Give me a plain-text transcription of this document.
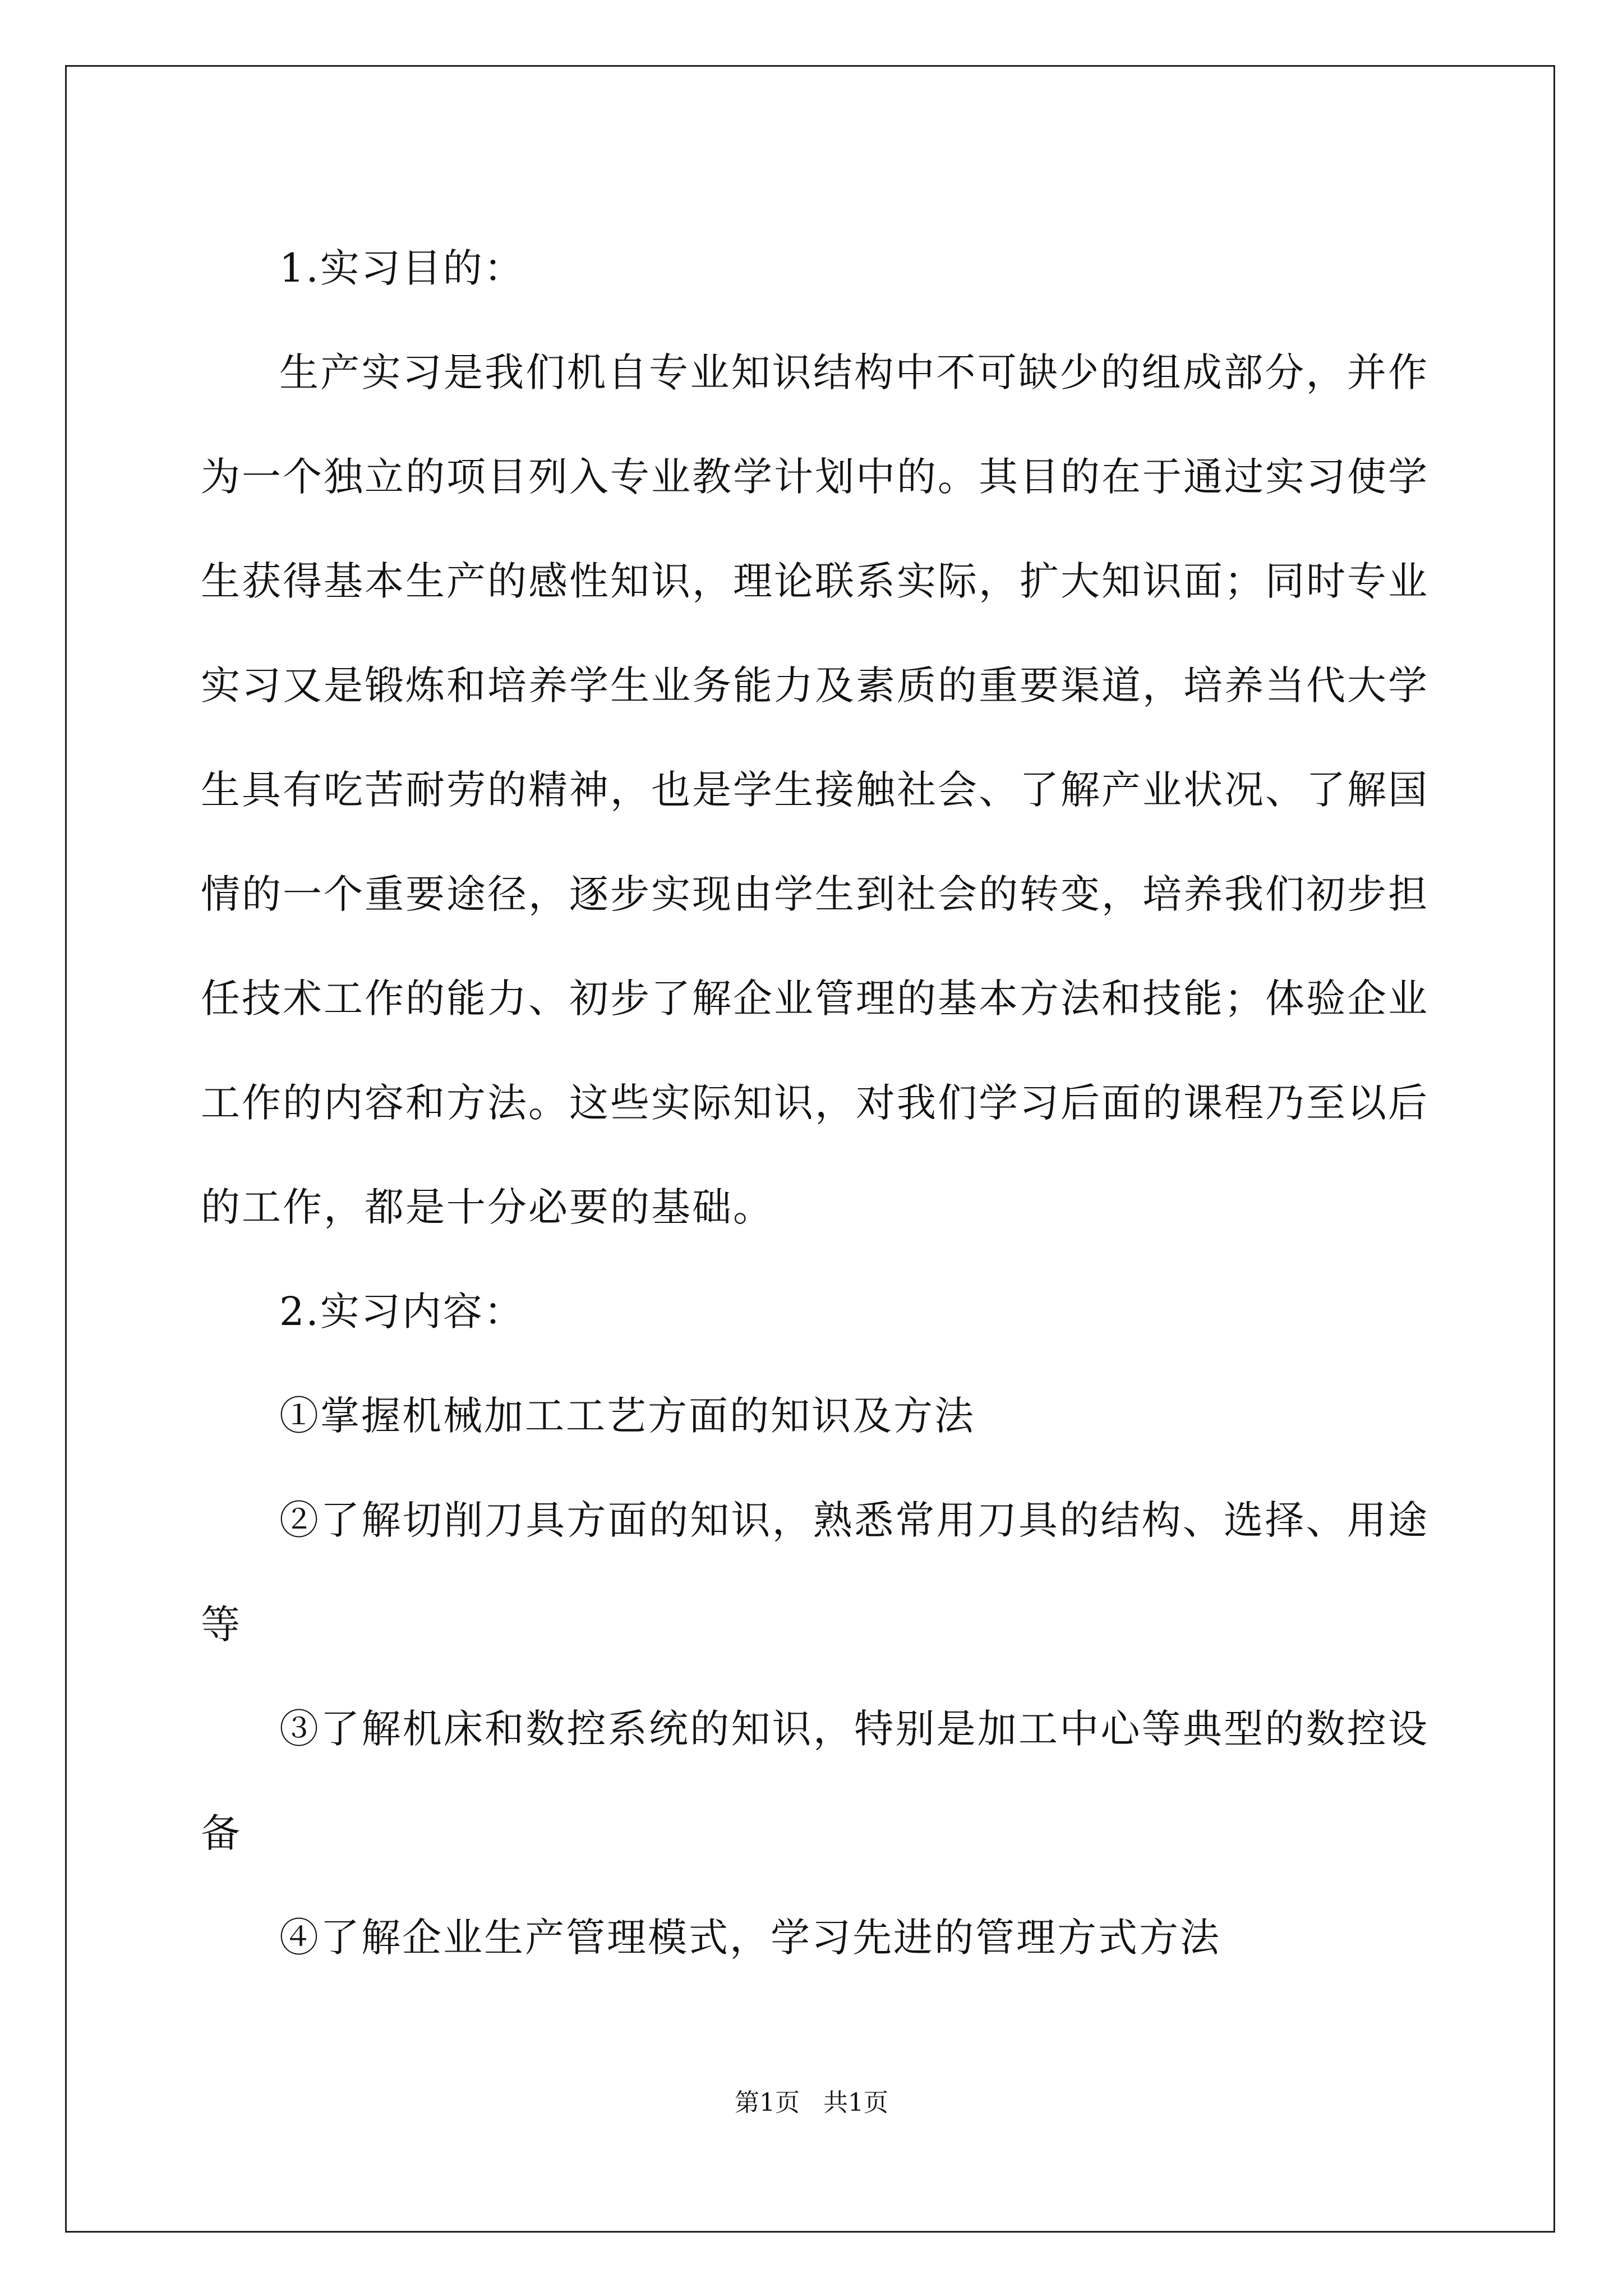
1.实习目的：

生产实习是我们机自专业知识结构中不可缺少的组成部分，并作为一个独立的项目列入专业教学计划中的。其目的在于通过实习使学生获得基本生产的感性知识，理论联系实际，扩大知识面；同时专业实习又是锻炼和培养学生业务能力及素质的重要渠道，培养当代大学生具有吃苦耐劳的精神，也是学生接触社会、了解产业状况、了解国情的一个重要途径，逐步实现由学生到社会的转变，培养我们初步担任技术工作的能力、初步了解企业管理的基本方法和技能；体验企业工作的内容和方法。这些实际知识，对我们学习后面的课程乃至以后的工作，都是十分必要的基础。

2.实习内容：

①掌握机械加工工艺方面的知识及方法

②了解切削刀具方面的知识，熟悉常用刀具的结构、选择、用途等

③了解机床和数控系统的知识，特别是加工中心等典型的数控设备

④了解企业生产管理模式，学习先进的管理方式方法

第1页 共1页
